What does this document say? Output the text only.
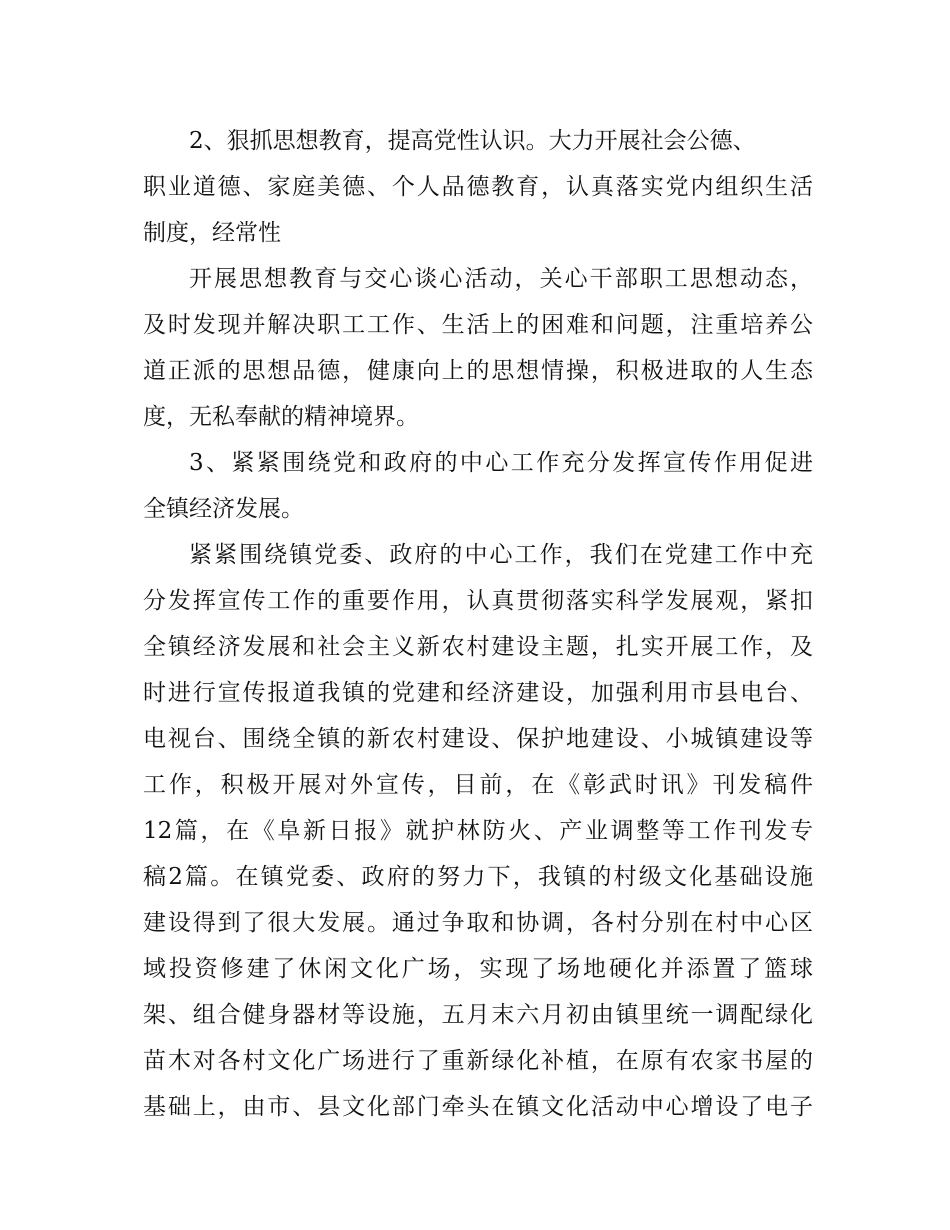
2、狠抓思想教育，提高党性认识。大力开展社会公德、
职业道德、家庭美德、个人品德教育，认真落实党内组织生活
制度，经常性
开展思想教育与交心谈心活动，关心干部职工思想动态，
及时发现并解决职工工作、生活上的困难和问题，注重培养公
道正派的思想品德，健康向上的思想情操，积极进取的人生态
度，无私奉献的精神境界。
3、紧紧围绕党和政府的中心工作充分发挥宣传作用促进
全镇经济发展。
紧紧围绕镇党委、政府的中心工作，我们在党建工作中充
分发挥宣传工作的重要作用，认真贯彻落实科学发展观，紧扣
全镇经济发展和社会主义新农村建设主题，扎实开展工作，及
时进行宣传报道我镇的党建和经济建设，加强利用市县电台、
电视台、围绕全镇的新农村建设、保护地建设、小城镇建设等
工作，积极开展对外宣传，目前，在《彰武时讯》刊发稿件
12篇，在《阜新日报》就护林防火、产业调整等工作刊发专
稿2篇。在镇党委、政府的努力下，我镇的村级文化基础设施
建设得到了很大发展。通过争取和协调，各村分别在村中心区
域投资修建了休闲文化广场，实现了场地硬化并添置了篮球
架、组合健身器材等设施，五月末六月初由镇里统一调配绿化
苗木对各村文化广场进行了重新绿化补植，在原有农家书屋的
基础上，由市、县文化部门牵头在镇文化活动中心增设了电子
